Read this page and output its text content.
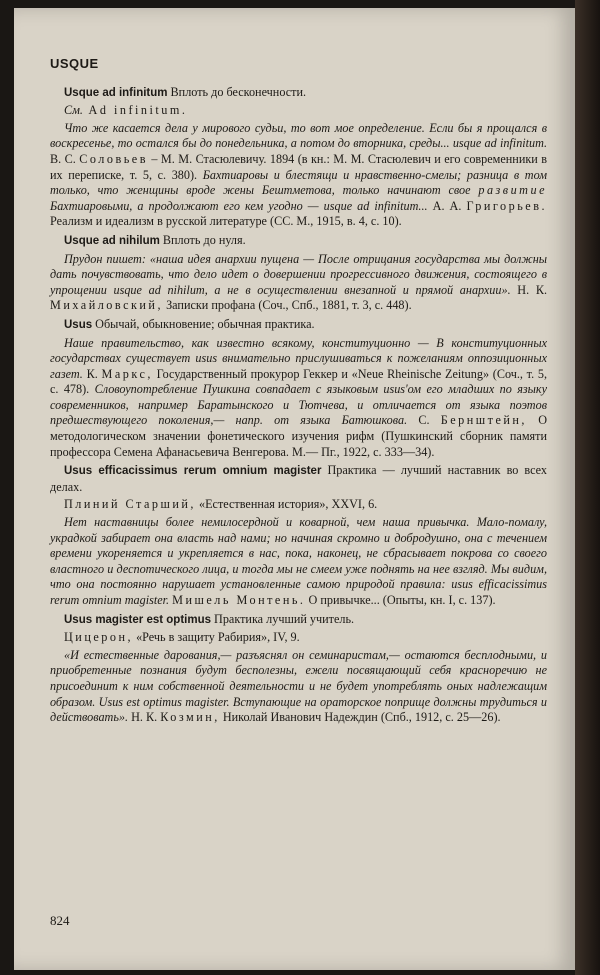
USQUE
Usque ad infinitum Вплоть до бесконечности.
См. Ad infinitum.
Что же касается дела у мирового судьи, то вот мое определение. Если бы я прощался в воскресенье, то остался бы до понедельника, а потом до вторника, среды... usque ad infinitum. В. С. Соловьев – М. М. Стасюлевичу. 1894 (в кн.: М. М. Стасюлевич и его современники в их переписке, т. 5, с. 380). Бахтиаровы и блестящи и нравственно-смелы; разница в том только, что женщины вроде жены Бештметова, только начинают свое развитие Бахтиаровыми, а продолжают его кем угодно — usque ad infinitum... А. А. Григорьев. Реализм и идеализм в русской литературе (СС. М., 1915, в. 4, с. 10).
Usque ad nihilum Вплоть до нуля.
Прудон пишет: «наша идея анархии пущена — После отрицания государства мы должны дать почувствовать, что дело идет о довершении прогрессивного движения, состоящего в упрощении usque ad nihilum, а не в осуществлении внезапной и прямой анархии». Н. К. Михайловский, Записки профана (Соч., Спб., 1881, т. 3, с. 448).
Usus Обычай, обыкновение; обычная практика.
Наше правительство, как известно всякому, конституционно — В конституционных государствах существует usus внимательно прислушиваться к пожеланиям оппозиционных газет. К. Маркс, Государственный прокурор Геккер и «Neue Rheinische Zeitung» (Соч., т. 5, с. 478). Словоупотребление Пушкина совпадает с языковым usus'ом его младших по языку современников, например Баратынского и Тютчева, и отличается от языка поэтов предшествующего поколения,— напр. от языка Батюшкова. С. Бернштейн, О методологическом значении фонетического изучения рифм (Пушкинский сборник памяти профессора Семена Афанасьевича Венгерова. М.— Пг., 1922, с. 333—34).
Usus efficacissimus rerum omnium magister Практика — лучший наставник во всех делах.
Плиний Старший, «Естественная история», XXVI, 6.
Нет наставницы более немилосердной и коварной, чем наша привычка. Мало-помалу, украдкой забирает она власть над нами; но начиная скромно и добродушно, она с течением времени укореняется и укрепляется в нас, пока, наконец, не сбрасывает покрова со своего властного и деспотического лица, и тогда мы не смеем уже поднять на нее взгляд. Мы видим, что она постоянно нарушает установленные самою природой правила: usus efficacissimus rerum omnium magister. Мишель Монтень. О привычке... (Опыты, кн. I, с. 137).
Usus magister est optimus Практика лучший учитель.
Цицерон, «Речь в защиту Рабирия», IV, 9.
«И естественные дарования,— разъяснял он семинаристам,— остаются бесплодными, и приобретенные познания будут бесполезны, ежели посвящающий себя красноречию не присоединит к ним собственной деятельности и не будет употреблять оных надлежащим образом. Usus est optimus magister. Вступающие на ораторское поприще должны трудиться и действовать». Н. К. Козмин, Николай Иванович Надеждин (Спб., 1912, с. 25—26).
824
